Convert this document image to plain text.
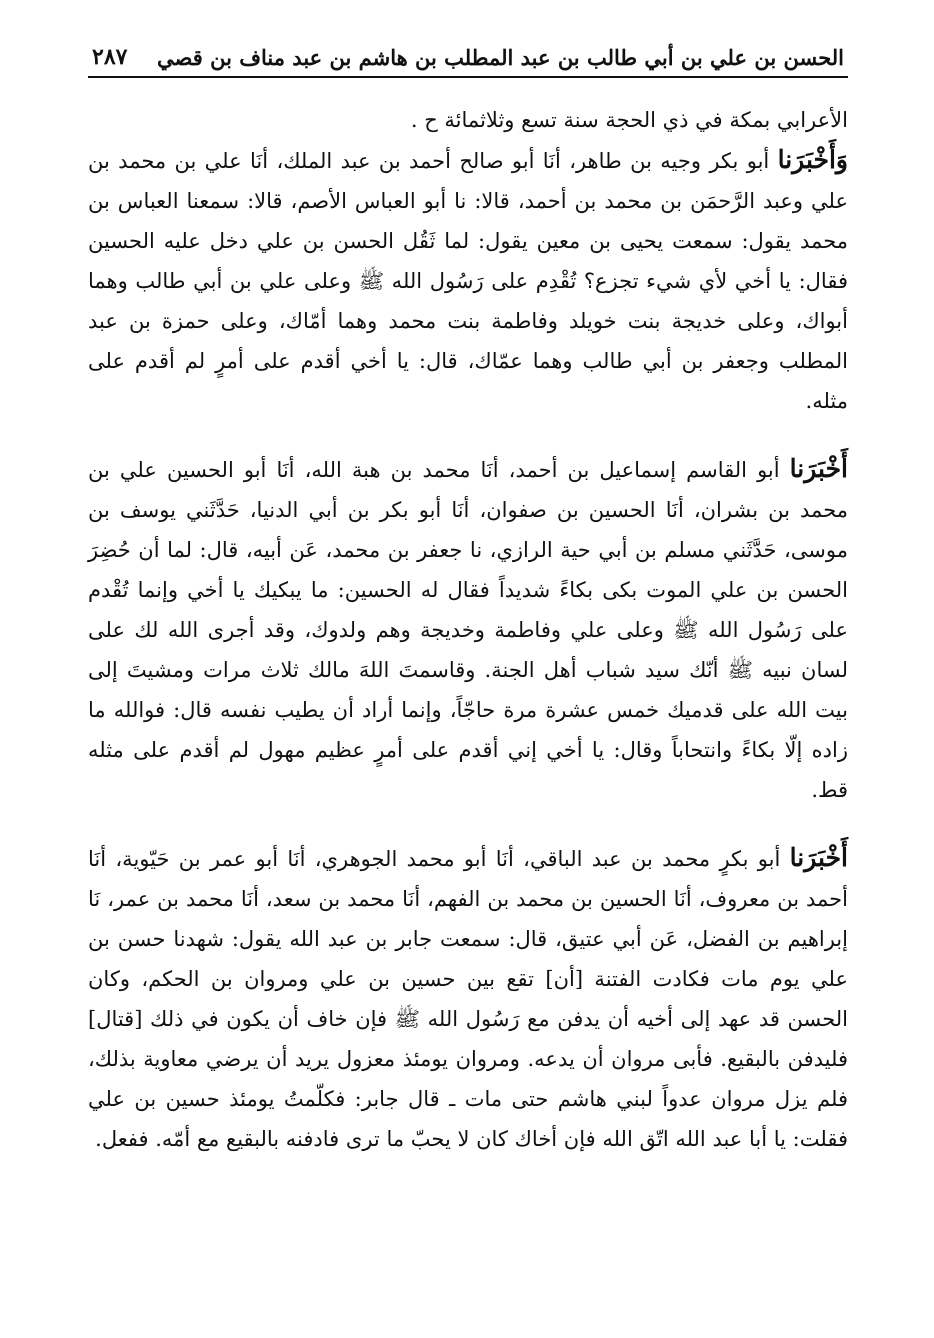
الحسن بن علي بن أبي طالب بن عبد المطلب بن هاشم بن عبد مناف بن قصي
٢٨٧

الأعرابي بمكة في ذي الحجة سنة تسع وثلاثمائة ح .

وَأَخْبَرَنا أبو بكر وجيه بن طاهر، أنَا أبو صالح أحمد بن عبد الملك، أنَا علي بن محمد بن علي وعبد الرَّحمَن بن محمد بن أحمد، قالا: نا أبو العباس الأصم، قالا: سمعنا العباس بن محمد يقول: سمعت يحيى بن معين يقول: لما ثَقُل الحسن بن علي دخل عليه الحسين فقال: يا أخي لأي شيء تجزع؟ تُقْدِم على رَسُول الله ﷺ وعلى علي بن أبي طالب وهما أبواك، وعلى خديجة بنت خويلد وفاطمة بنت محمد وهما أمّاك، وعلى حمزة بن عبد المطلب وجعفر بن أبي طالب وهما عمّاك، قال: يا أخي أقدم على أمرٍ لم أقدم على مثله.

أَخْبَرَنا أبو القاسم إسماعيل بن أحمد، أنَا محمد بن هبة الله، أنَا أبو الحسين علي بن محمد بن بشران، أنَا الحسين بن صفوان، أنَا أبو بكر بن أبي الدنيا، حَدَّثَني يوسف بن موسى، حَدَّثَني مسلم بن أبي حية الرازي، نا جعفر بن محمد، عَن أبيه، قال: لما أن حُضِرَ الحسن بن علي الموت بكى بكاءً شديداً فقال له الحسين: ما يبكيك يا أخي وإنما تُقْدم على رَسُول الله ﷺ وعلى علي وفاطمة وخديجة وهم ولدوك، وقد أجرى الله لك على لسان نبيه ﷺ أنّك سيد شباب أهل الجنة. وقاسمتَ اللهَ مالك ثلاث مرات ومشيتَ إلى بيت الله على قدميك خمس عشرة مرة حاجّاً، وإنما أراد أن يطيب نفسه قال: فوالله ما زاده إلّا بكاءً وانتحاباً وقال: يا أخي إني أقدم على أمرٍ عظيم مهول لم أقدم على مثله قط.

أَخْبَرَنا أبو بكرٍ محمد بن عبد الباقي، أنَا أبو محمد الجوهري، أنَا أبو عمر بن حَيّوية، أنَا أحمد بن معروف، أنَا الحسين بن محمد بن الفهم، أنَا محمد بن سعد، أنَا محمد بن عمر، نَا إبراهيم بن الفضل، عَن أبي عتيق، قال: سمعت جابر بن عبد الله يقول: شهدنا حسن بن علي يوم مات فكادت الفتنة [أن] تقع بين حسين بن علي ومروان بن الحكم، وكان الحسن قد عهد إلى أخيه أن يدفن مع رَسُول الله ﷺ فإن خاف أن يكون في ذلك [قتال] فليدفن بالبقيع. فأبى مروان أن يدعه. ومروان يومئذ معزول يريد أن يرضي معاوية بذلك، فلم يزل مروان عدواً لبني هاشم حتى مات ـ قال جابر: فكلّمتُ يومئذ حسين بن علي فقلت: يا أبا عبد الله اتّق الله فإن أخاك كان لا يحبّ ما ترى فادفنه بالبقيع مع أمّه. ففعل.
